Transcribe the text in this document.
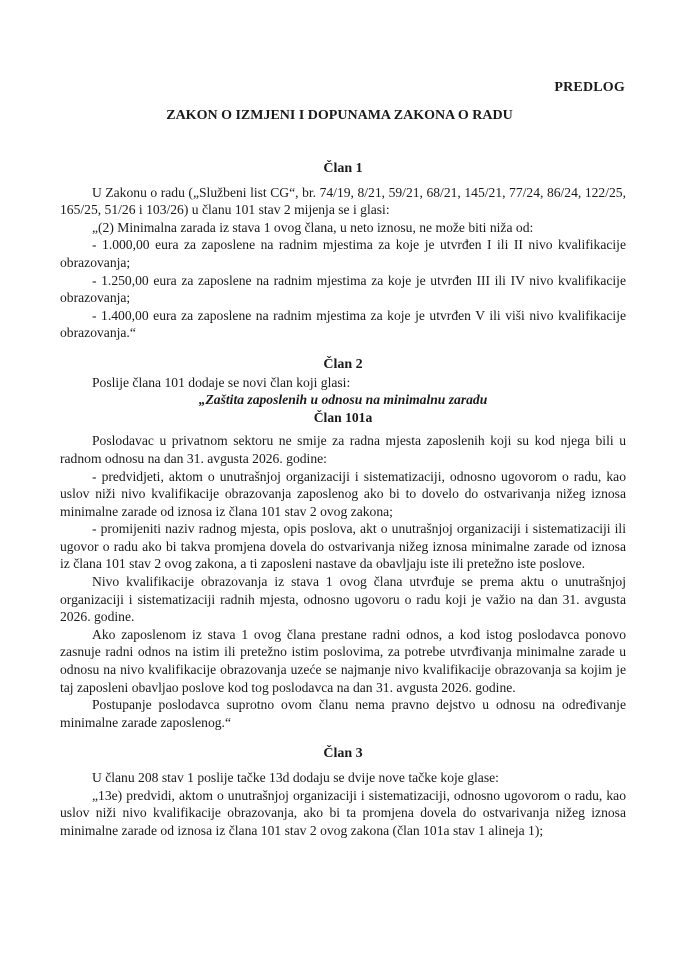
PREDLOG
ZAKON O IZMJENI I DOPUNAMA ZAKONA O RADU

Član 1

U Zakonu o radu („Službeni list CG“, br. 74/19, 8/21, 59/21, 68/21, 145/21, 77/24, 86/24, 122/25, 165/25, 51/26 i 103/26) u članu 101 stav 2 mijenja se i glasi:

„(2) Minimalna zarada iz stava 1 ovog člana, u neto iznosu, ne može biti niža od:

- 1.000,00 eura za zaposlene na radnim mjestima za koje je utvrđen I ili II nivo kvalifikacije obrazovanja;

- 1.250,00 eura za zaposlene na radnim mjestima za koje je utvrđen III ili IV nivo kvalifikacije obrazovanja;

- 1.400,00 eura za zaposlene na radnim mjestima za koje je utvrđen V ili viši nivo kvalifikacije obrazovanja.“

Član 2

Poslije člana 101 dodaje se novi član koji glasi:

„Zaštita zaposlenih u odnosu na minimalnu zaradu

Član 101a

Poslodavac u privatnom sektoru ne smije za radna mjesta zaposlenih koji su kod njega bili u radnom odnosu na dan 31. avgusta 2026. godine:

- predvidjeti, aktom o unutrašnjoj organizaciji i sistematizaciji, odnosno ugovorom o radu, kao uslov niži nivo kvalifikacije obrazovanja zaposlenog ako bi to dovelo do ostvarivanja nižeg iznosa minimalne zarade od iznosa iz člana 101 stav 2 ovog zakona;

- promijeniti naziv radnog mjesta, opis poslova, akt o unutrašnjoj organizaciji i sistematizaciji ili ugovor o radu ako bi takva promjena dovela do ostvarivanja nižeg iznosa minimalne zarade od iznosa iz člana 101 stav 2 ovog zakona, a ti zaposleni nastave da obavljaju iste ili pretežno iste poslove.

Nivo kvalifikacije obrazovanja iz stava 1 ovog člana utvrđuje se prema aktu o unutrašnjoj organizaciji i sistematizaciji radnih mjesta, odnosno ugovoru o radu koji je važio na dan 31. avgusta 2026. godine.

Ako zaposlenom iz stava 1 ovog člana prestane radni odnos, a kod istog poslodavca ponovo zasnuje radni odnos na istim ili pretežno istim poslovima, za potrebe utvrđivanja minimalne zarade u odnosu na nivo kvalifikacije obrazovanja uzeće se najmanje nivo kvalifikacije obrazovanja sa kojim je taj zaposleni obavljao poslove kod tog poslodavca na dan 31. avgusta 2026. godine.

Postupanje poslodavca suprotno ovom članu nema pravno dejstvo u odnosu na određivanje minimalne zarade zaposlenog.“

Član 3

U članu 208 stav 1 poslije tačke 13d dodaju se dvije nove tačke koje glase:

„13e) predvidi, aktom o unutrašnjoj organizaciji i sistematizaciji, odnosno ugovorom o radu, kao uslov niži nivo kvalifikacije obrazovanja, ako bi ta promjena dovela do ostvarivanja nižeg iznosa minimalne zarade od iznosa iz člana 101 stav 2 ovog zakona (član 101a stav 1 alineja 1);
